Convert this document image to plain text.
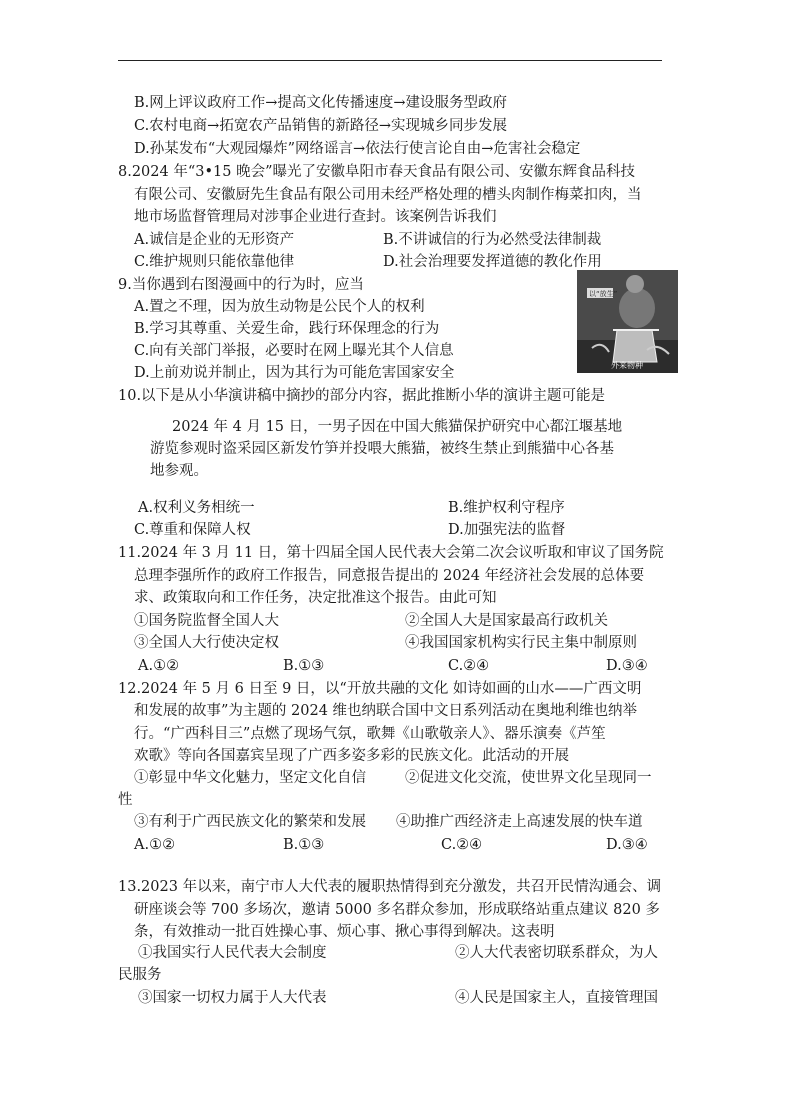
B.网上评议政府工作→提高文化传播速度→建设服务型政府
C.农村电商→拓宽农产品销售的新路径→实现城乡同步发展
D.孙某发布“大观园爆炸”网络谣言→依法行使言论自由→危害社会稳定
8.2024 年“3•15 晚会”曝光了安徽阜阳市春天食品有限公司、安徽东辉食品科技
有限公司、安徽厨先生食品有限公司用未经严格处理的槽头肉制作梅菜扣肉，当
地市场监督管理局对涉事企业进行查封。该案例告诉我们
A.诚信是企业的无形资产	B.不讲诚信的行为必然受法律制裁
C.维护规则只能依靠他律	D.社会治理要发挥道德的教化作用
9.当你遇到右图漫画中的行为时，应当
A.置之不理，因为放生动物是公民个人的权利
B.学习其尊重、关爱生命，践行环保理念的行为
C.向有关部门举报，必要时在网上曝光其个人信息
D.上前劝说并制止，因为其行为可能危害国家安全
以“放生”
外来物种
10.以下是从小华演讲稿中摘抄的部分内容，据此推断小华的演讲主题可能是
2024 年 4 月 15 日，一男子因在中国大熊猫保护研究中心都江堰基地
游览参观时盗采园区新发竹笋并投喂大熊猫，被终生禁止到熊猫中心各基
地参观。
A.权利义务相统一	B.维护权利守程序
C.尊重和保障人权	D.加强宪法的监督
11.2024 年 3 月 11 日，第十四届全国人民代表大会第二次会议听取和审议了国务院
总理李强所作的政府工作报告，同意报告提出的 2024 年经济社会发展的总体要
求、政策取向和工作任务，决定批准这个报告。由此可知
①国务院监督全国人大	②全国人大是国家最高行政机关
③全国人大行使决定权	④我国国家机构实行民主集中制原则
A.①②	B.①③	C.②④	D.③④
12.2024 年 5 月 6 日至 9 日，以“开放共融的文化 如诗如画的山水——广西文明
和发展的故事”为主题的 2024 维也纳联合国中文日系列活动在奥地利维也纳举
行。“广西科目三”点燃了现场气氛，歌舞《山歌敬亲人》、器乐演奏《芦笙
欢歌》等向各国嘉宾呈现了广西多姿多彩的民族文化。此活动的开展
①彰显中华文化魅力，坚定文化自信	②促进文化交流，使世界文化呈现同一
性
③有利于广西民族文化的繁荣和发展 ④助推广西经济走上高速发展的快车道
A.①②	B.①③	C.②④	D.③④
13.2023 年以来，南宁市人大代表的履职热情得到充分激发，共召开民情沟通会、调
研座谈会等 700 多场次，邀请 5000 多名群众参加，形成联络站重点建议 820 多
条，有效推动一批百姓操心事、烦心事、揪心事得到解决。这表明
①我国实行人民代表大会制度	②人大代表密切联系群众，为人
民服务
③国家一切权力属于人大代表	④人民是国家主人，直接管理国
